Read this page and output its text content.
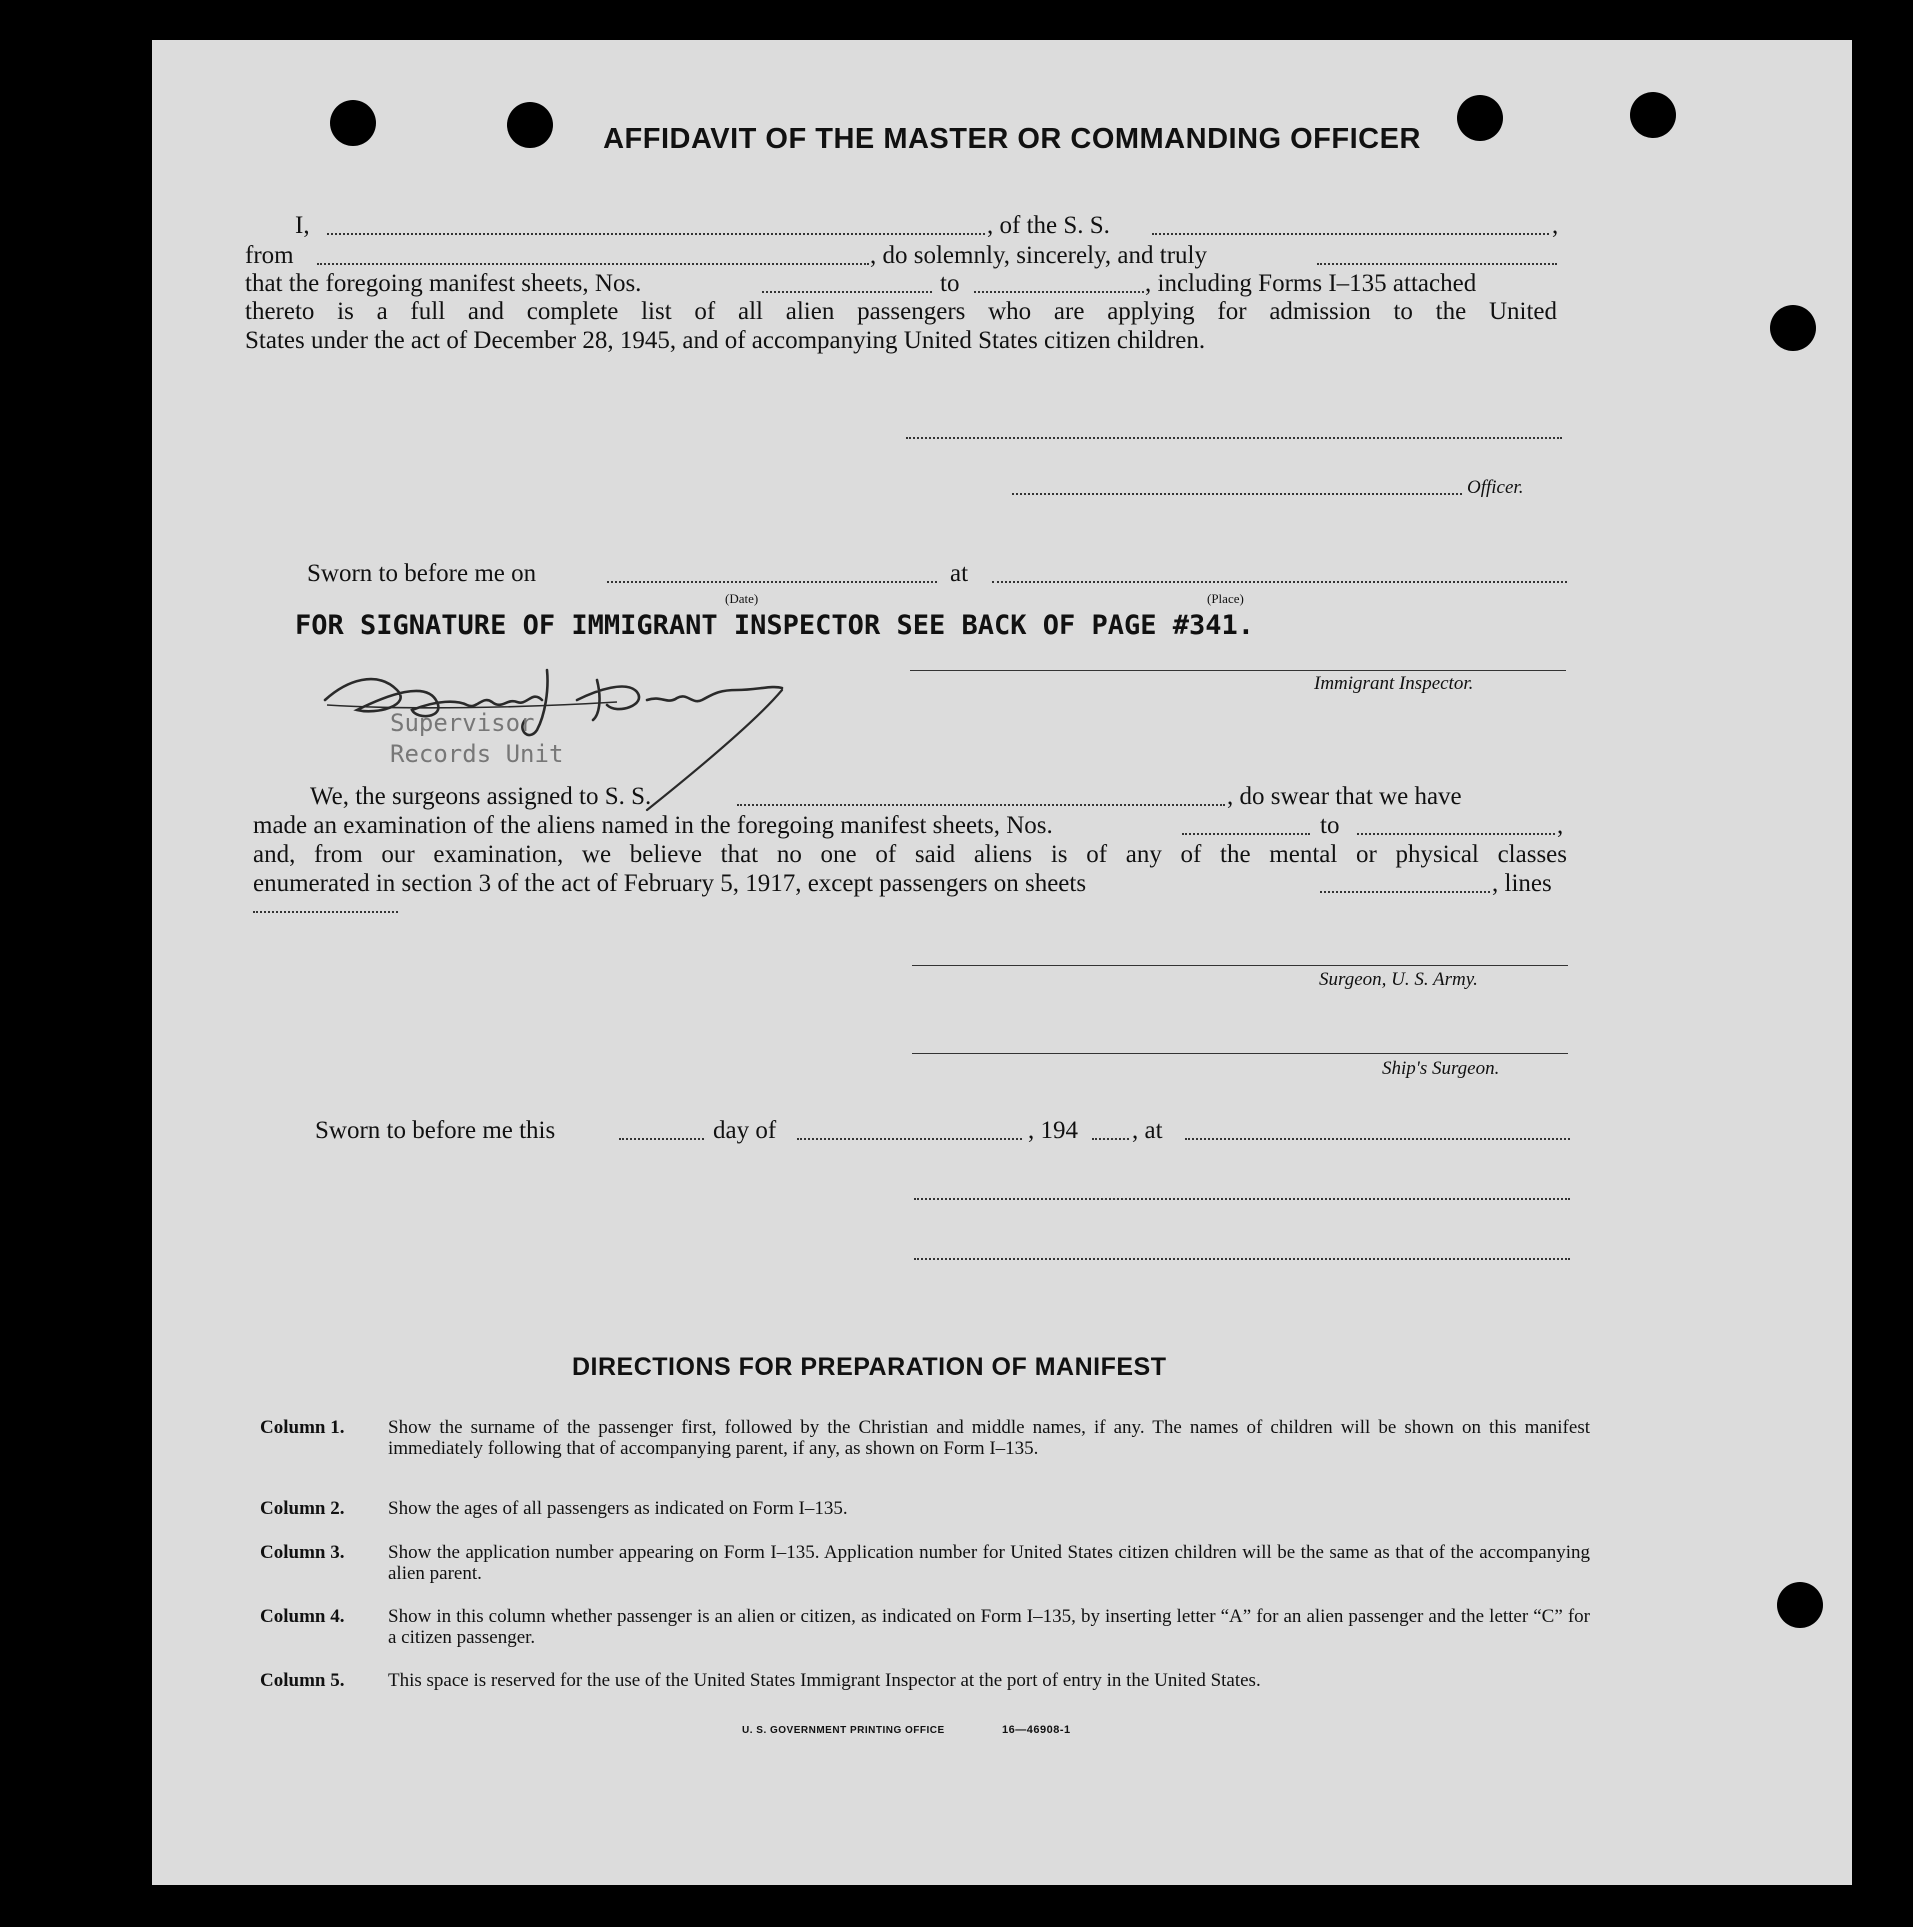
AFFIDAVIT OF THE MASTER OR COMMANDING OFFICER
I,	, of the S. S.	,
from	, do solemnly, sincerely, and truly
that the foregoing manifest sheets, Nos.	to	, including Forms I–135 attached
thereto is a full and complete list of all alien passengers who are applying for admission to the United
States under the act of December 28, 1945, and of accompanying United States citizen children.
Officer.
Sworn to before me on	at
(Date)	(Place)
FOR SIGNATURE OF IMMIGRANT INSPECTOR SEE BACK OF PAGE #341.
Immigrant Inspector.
Supervisor
Records Unit
We, the surgeons assigned to S. S.	, do swear that we have
made an examination of the aliens named in the foregoing manifest sheets, Nos.	to	,
and, from our examination, we believe that no one of said aliens is of any of the mental or physical classes
enumerated in section 3 of the act of February 5, 1917, except passengers on sheets	, lines
Surgeon, U. S. Army.
Ship's Surgeon.
Sworn to before me this	day of	, 194 , at
DIRECTIONS FOR PREPARATION OF MANIFEST
Column 1. Show the surname of the passenger first, followed by the Christian and middle names, if any. The names of children will be shown on this manifest immediately following that of accompanying parent, if any, as shown on Form I–135.
Column 2. Show the ages of all passengers as indicated on Form I–135.
Column 3. Show the application number appearing on Form I–135. Application number for United States citizen children will be the same as that of the accompanying alien parent.
Column 4. Show in this column whether passenger is an alien or citizen, as indicated on Form I–135, by inserting letter “A” for an alien passenger and the letter “C” for a citizen passenger.
Column 5. This space is reserved for the use of the United States Immigrant Inspector at the port of entry in the United States.
U. S. GOVERNMENT PRINTING OFFICE	16—46908-1
